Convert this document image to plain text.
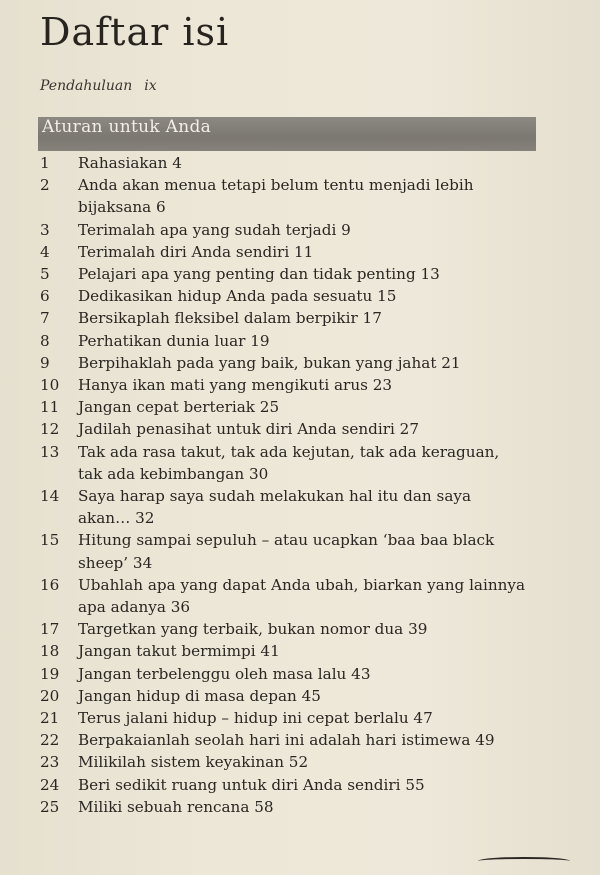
Daftar isi
Pendahuluan ix
Aturan untuk Anda
1	Rahasiakan 4
2	Anda akan menua tetapi belum tentu menjadi lebih
bijaksana 6
3	Terimalah apa yang sudah terjadi 9
4	Terimalah diri Anda sendiri 11
5	Pelajari apa yang penting dan tidak penting 13
6	Dedikasikan hidup Anda pada sesuatu 15
7	Bersikaplah fleksibel dalam berpikir 17
8	Perhatikan dunia luar 19
9	Berpihaklah pada yang baik, bukan yang jahat 21
10	Hanya ikan mati yang mengikuti arus 23
11	Jangan cepat berteriak 25
12	Jadilah penasihat untuk diri Anda sendiri 27
13	Tak ada rasa takut, tak ada kejutan, tak ada keraguan,
tak ada kebimbangan 30
14	Saya harap saya sudah melakukan hal itu dan saya
akan… 32
15	Hitung sampai sepuluh – atau ucapkan ‘baa baa black
sheep’ 34
16	Ubahlah apa yang dapat Anda ubah, biarkan yang lainnya
apa adanya 36
17	Targetkan yang terbaik, bukan nomor dua 39
18	Jangan takut bermimpi 41
19	Jangan terbelenggu oleh masa lalu 43
20	Jangan hidup di masa depan 45
21	Terus jalani hidup – hidup ini cepat berlalu 47
22	Berpakaianlah seolah hari ini adalah hari istimewa 49
23	Milikilah sistem keyakinan 52
24	Beri sedikit ruang untuk diri Anda sendiri 55
25	Miliki sebuah rencana 58
